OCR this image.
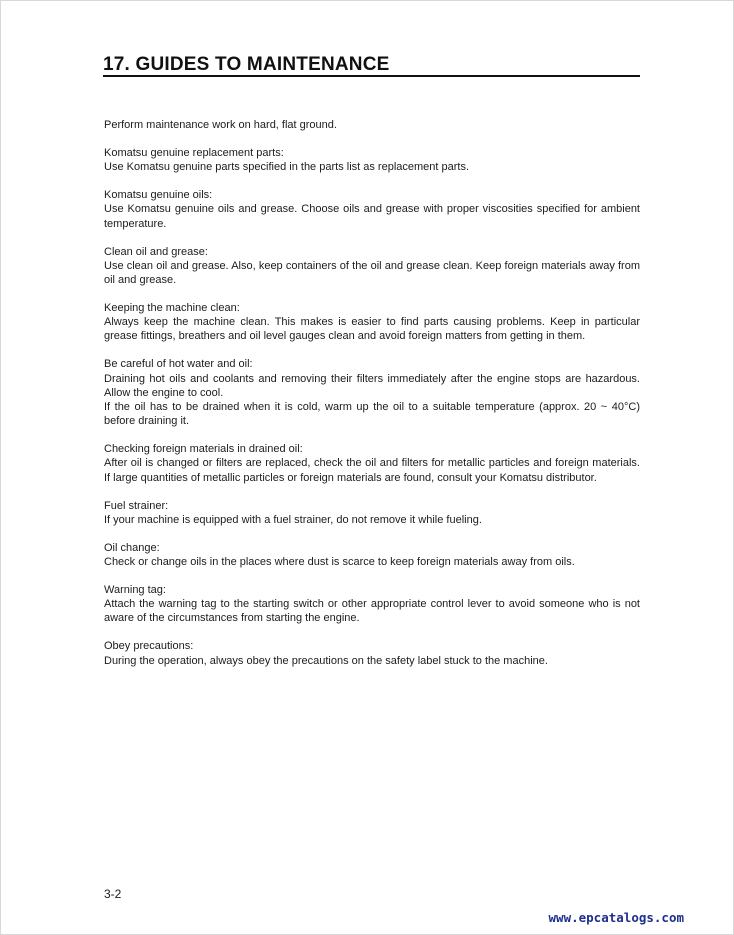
17. GUIDES TO MAINTENANCE

Perform maintenance work on hard, flat ground.

Komatsu genuine replacement parts:

Use Komatsu genuine parts specified in the parts list as replacement parts.

Komatsu genuine oils:

Use Komatsu genuine oils and grease. Choose oils and grease with proper viscosities specified for ambient temperature.

Clean oil and grease:

Use clean oil and grease. Also, keep containers of the oil and grease clean. Keep foreign materials away from oil and grease.

Keeping the machine clean:

Always keep the machine clean. This makes is easier to find parts causing problems. Keep in particular grease fittings, breathers and oil level gauges clean and avoid foreign matters from getting in them.

Be careful of hot water and oil:

Draining hot oils and coolants and removing their filters immediately after the engine stops are hazardous. Allow the engine to cool.

If the oil has to be drained when it is cold, warm up the oil to a suitable temperature (approx. 20 ~ 40°C) before draining it.

Checking foreign materials in drained oil:

After oil is changed or filters are replaced, check the oil and filters for metallic particles and foreign materials. If large quantities of metallic particles or foreign materials are found, consult your Komatsu distributor.

Fuel strainer:

If your machine is equipped with a fuel strainer, do not remove it while fueling.

Oil change:

Check or change oils in the places where dust is scarce to keep foreign materials away from oils.

Warning tag:

Attach the warning tag to the starting switch or other appropriate control lever to avoid someone who is not aware of the circumstances from starting the engine.

Obey precautions:

During the operation, always obey the precautions on the safety label stuck to the machine.

3-2
www.epcatalogs.com
